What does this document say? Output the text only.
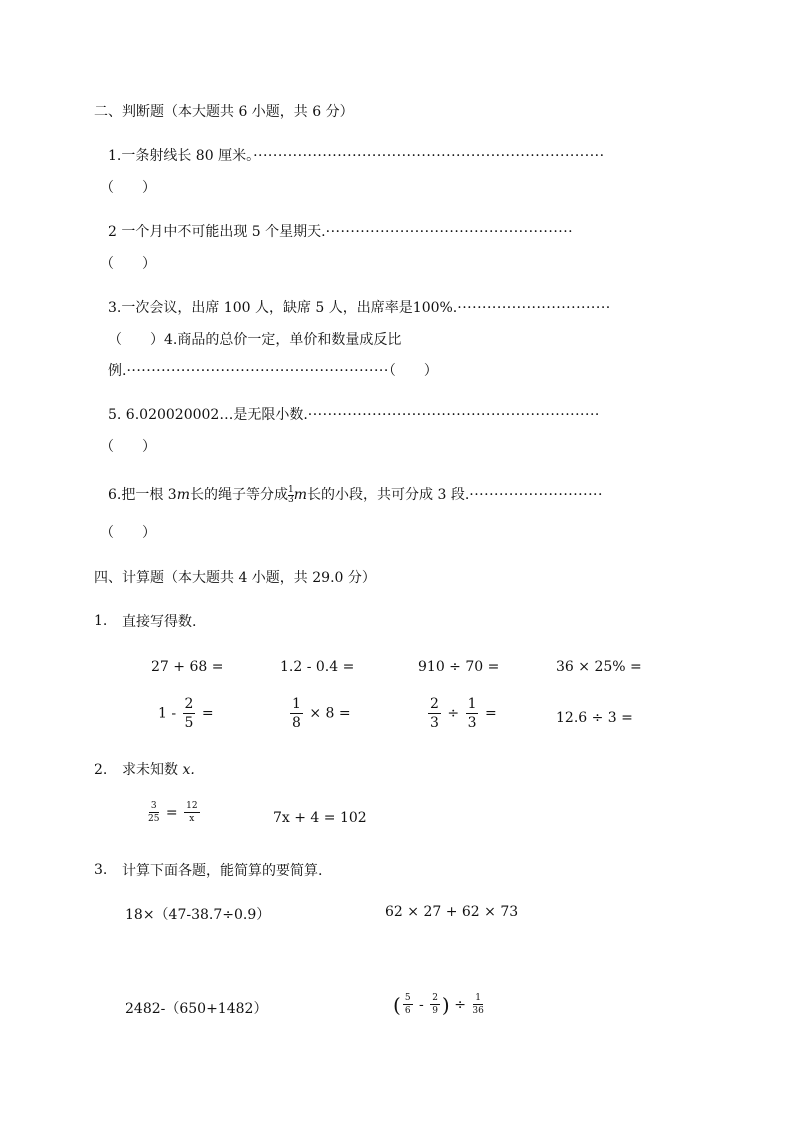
二、判断题（本大题共 6 小题，共 6 分）
1.一条射线长 80 厘米。·······································································
（　　）
2 一个月中不可能出现 5 个星期天.··················································
（　　）
3.一次会议，出席 100 人，缺席 5 人，出席率是100%.·······························
（　　）4.商品的总价一定，单价和数量成反比
例.·····················································（　　）
5. 6.020020002…是无限小数.···························································
（　　）
6.把一根 3m长的绳子等分成 $\frac{1}{3}$ m长的小段，共可分成 3 段.···························
（　　）
四、计算题（本大题共 4 小题，共 29.0 分）
1. 直接写得数.
27 + 68 =	1.2 - 0.4 =	910 ÷ 70 =	36 × 25% =
$1 - \frac{2}{5}$ =	$\frac{1}{8} \times 8$ =	$\frac{2}{3} \div \frac{1}{3}$ =	12.6 ÷ 3 =
2. 求未知数 x.
$\frac{3}{25} = \frac{12}{x}$	7x + 4 = 102
3. 计算下面各题，能简算的要简算.
18×（47-38.7÷0.9）	62 × 27 + 62 × 73
2482-（650+1482）	( $\frac{5}{6} - \frac{2}{9}$ ) ÷ $\frac{1}{36}$
